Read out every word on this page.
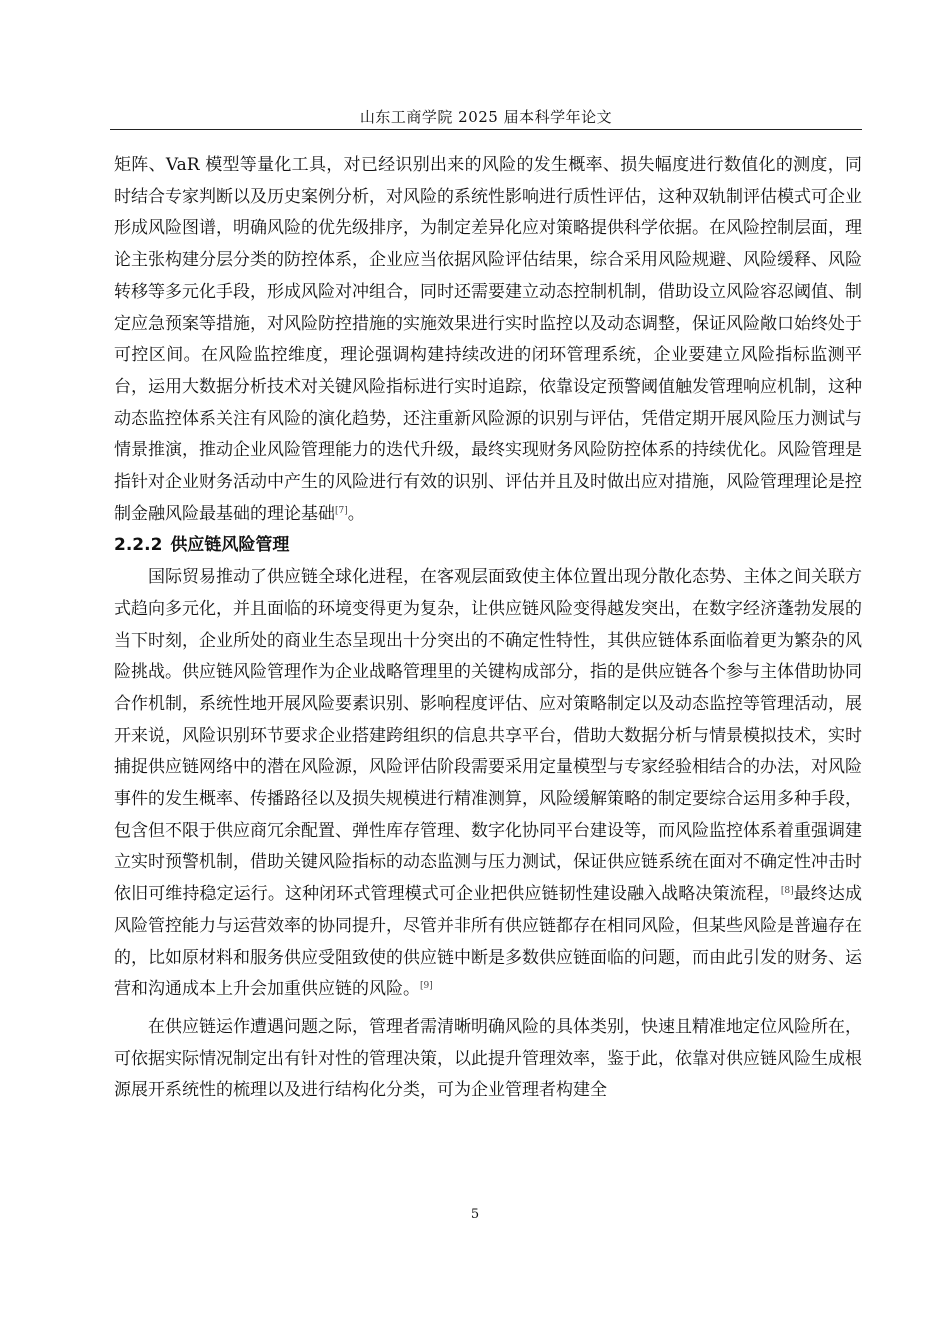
山东工商学院 2025 届本科学年论文

矩阵、VaR 模型等量化工具，对已经识别出来的风险的发生概率、损失幅度进行数值化的测度，同时结合专家判断以及历史案例分析，对风险的系统性影响进行质性评估，这种双轨制评估模式可企业形成风险图谱，明确风险的优先级排序，为制定差异化应对策略提供科学依据。在风险控制层面，理论主张构建分层分类的防控体系，企业应当依据风险评估结果，综合采用风险规避、风险缓释、风险转移等多元化手段，形成风险对冲组合，同时还需要建立动态控制机制，借助设立风险容忍阈值、制定应急预案等措施，对风险防控措施的实施效果进行实时监控以及动态调整，保证风险敞口始终处于可控区间。在风险监控维度，理论强调构建持续改进的闭环管理系统，企业要建立风险指标监测平台，运用大数据分析技术对关键风险指标进行实时追踪，依靠设定预警阈值触发管理响应机制，这种动态监控体系关注有风险的演化趋势，还注重新风险源的识别与评估，凭借定期开展风险压力测试与情景推演，推动企业风险管理能力的迭代升级，最终实现财务风险防控体系的持续优化。风险管理是指针对企业财务活动中产生的风险进行有效的识别、评估并且及时做出应对措施，风险管理理论是控制金融风险最基础的理论基础[7]。

2.2.2 供应链风险管理

国际贸易推动了供应链全球化进程，在客观层面致使主体位置出现分散化态势、主体之间关联方式趋向多元化，并且面临的环境变得更为复杂，让供应链风险变得越发突出，在数字经济蓬勃发展的当下时刻，企业所处的商业生态呈现出十分突出的不确定性特性，其供应链体系面临着更为繁杂的风险挑战。供应链风险管理作为企业战略管理里的关键构成部分，指的是供应链各个参与主体借助协同合作机制，系统性地开展风险要素识别、影响程度评估、应对策略制定以及动态监控等管理活动，展开来说，风险识别环节要求企业搭建跨组织的信息共享平台，借助大数据分析与情景模拟技术，实时捕捉供应链网络中的潜在风险源，风险评估阶段需要采用定量模型与专家经验相结合的办法，对风险事件的发生概率、传播路径以及损失规模进行精准测算，风险缓解策略的制定要综合运用多种手段，包含但不限于供应商冗余配置、弹性库存管理、数字化协同平台建设等，而风险监控体系着重强调建立实时预警机制，借助关键风险指标的动态监测与压力测试，保证供应链系统在面对不确定性冲击时依旧可维持稳定运行。这种闭环式管理模式可企业把供应链韧性建设融入战略决策流程，[8]最终达成风险管控能力与运营效率的协同提升，尽管并非所有供应链都存在相同风险，但某些风险是普遍存在的，比如原材料和服务供应受阻致使的供应链中断是多数供应链面临的问题，而由此引发的财务、运营和沟通成本上升会加重供应链的风险。[9]

在供应链运作遭遇问题之际，管理者需清晰明确风险的具体类别，快速且精准地定位风险所在，可依据实际情况制定出有针对性的管理决策，以此提升管理效率，鉴于此，依靠对供应链风险生成根源展开系统性的梳理以及进行结构化分类，可为企业管理者构建全

5
